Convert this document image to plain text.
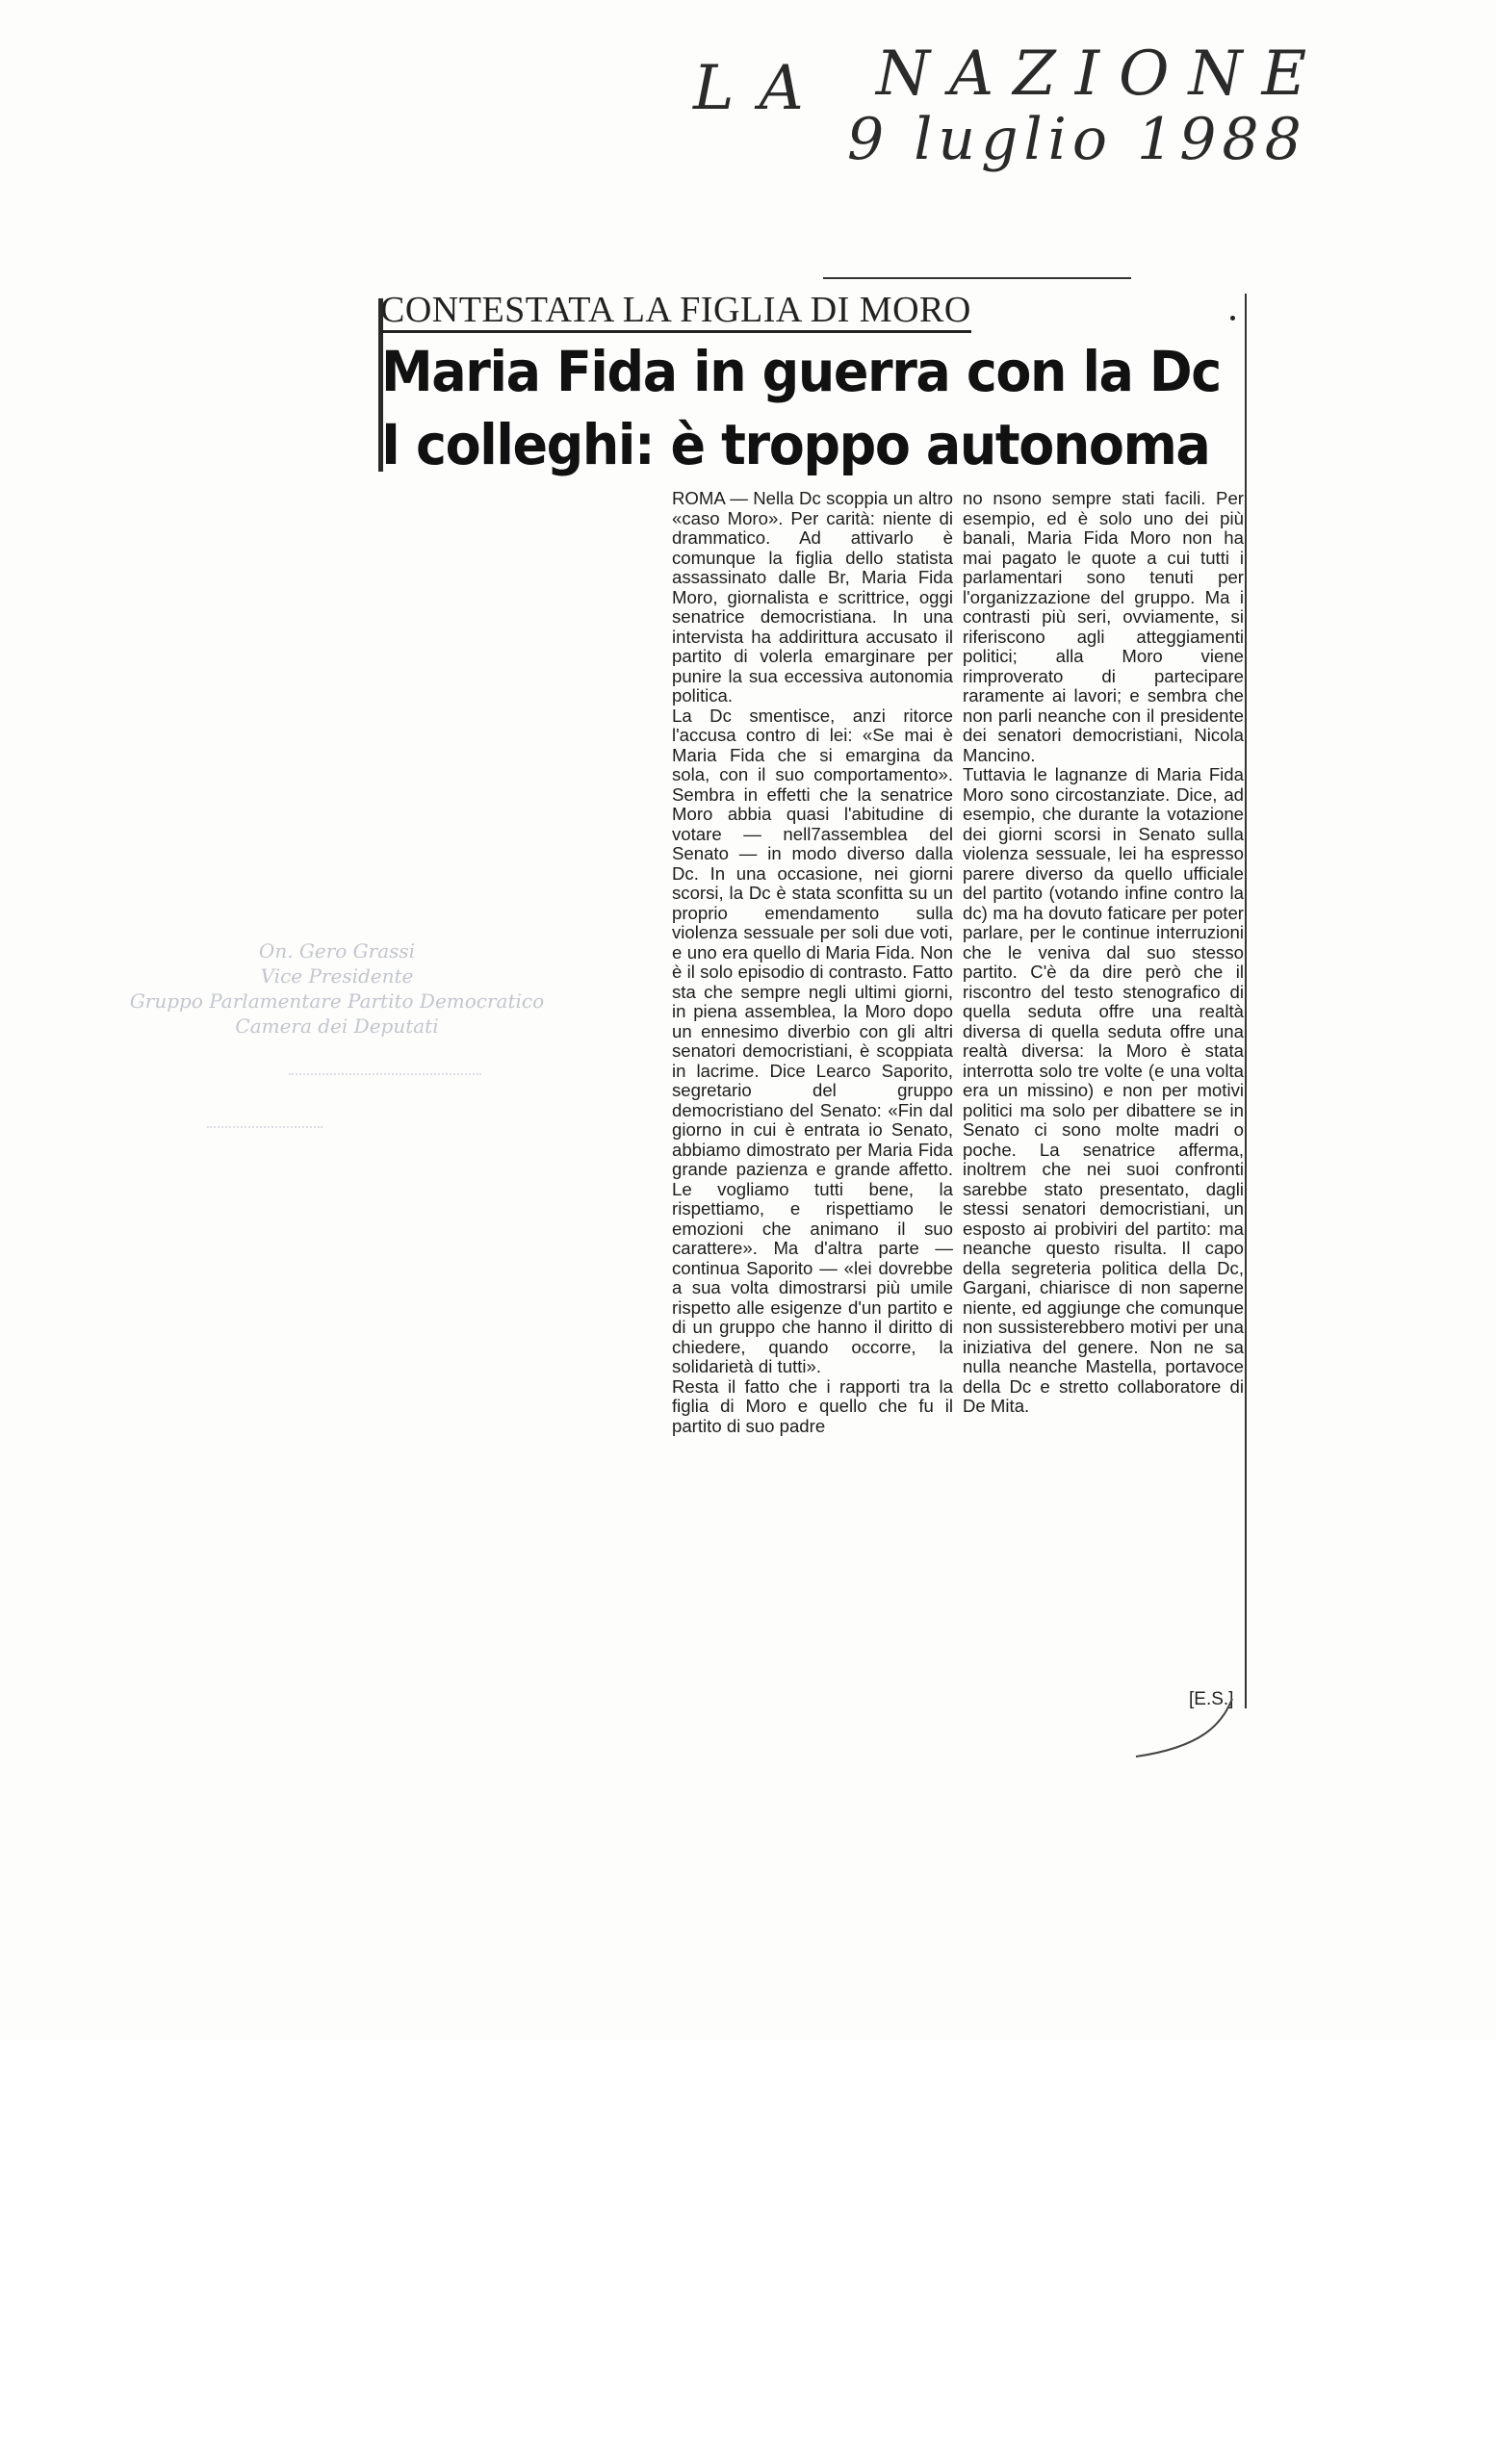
LA NAZIONE
9 luglio 1988
CONTESTATA LA FIGLIA DI MORO
Maria Fida in guerra con la Dc
I colleghi: è troppo autonoma

ROMA — Nella Dc scoppia un altro «caso Moro». Per carità: niente di drammatico. Ad attivarlo è comunque la figlia dello statista assassinato dalle Br, Maria Fida Moro, giornalista e scrittrice, oggi senatrice democristiana. In una intervista ha addirittura accusato il partito di volerla emarginare per punire la sua eccessiva autonomia politica.

La Dc smentisce, anzi ritorce l'accusa contro di lei: «Se mai è Maria Fida che si emargina da sola, con il suo comportamento». Sembra in effetti che la senatrice Moro abbia quasi l'abitudine di votare — nell7assemblea del Senato — in modo diverso dalla Dc. In una occasione, nei giorni scorsi, la Dc è stata sconfitta su un proprio emendamento sulla violenza sessuale per soli due voti, e uno era quello di Maria Fida. Non è il solo episodio di contrasto. Fatto sta che sempre negli ultimi giorni, in piena assemblea, la Moro dopo un ennesimo diverbio con gli altri senatori democristiani, è scoppiata in lacrime. Dice Learco Saporito, segretario del gruppo democristiano del Senato: «Fin dal giorno in cui è entrata io Senato, abbiamo dimostrato per Maria Fida grande pazienza e grande affetto. Le vogliamo tutti bene, la rispettiamo, e rispettiamo le emozioni che animano il suo carattere». Ma d'altra parte — continua Saporito — «lei dovrebbe a sua volta dimostrarsi più umile rispetto alle esigenze d'un partito e di un gruppo che hanno il diritto di chiedere, quando occorre, la solidarietà di tutti».

Resta il fatto che i rapporti tra la figlia di Moro e quello che fu il partito di suo padre

no nsono sempre stati facili. Per esempio, ed è solo uno dei più banali, Maria Fida Moro non ha mai pagato le quote a cui tutti i parlamentari sono tenuti per l'organizzazione del gruppo. Ma i contrasti più seri, ovviamente, si riferiscono agli atteggiamenti politici; alla Moro viene rimproverato di partecipare raramente ai lavori; e sembra che non parli neanche con il presidente dei senatori democristiani, Nicola Mancino.

Tuttavia le lagnanze di Maria Fida Moro sono circostanziate. Dice, ad esempio, che durante la votazione dei giorni scorsi in Senato sulla violenza sessuale, lei ha espresso parere diverso da quello ufficiale del partito (votando infine contro la dc) ma ha dovuto faticare per poter parlare, per le continue interruzioni che le veniva dal suo stesso partito. C'è da dire però che il riscontro del testo stenografico di quella seduta offre una realtà diversa di quella seduta offre una realtà diversa: la Moro è stata interrotta solo tre volte (e una volta era un missino) e non per motivi politici ma solo per dibattere se in Senato ci sono molte madri o poche. La senatrice afferma, inoltrem che nei suoi confronti sarebbe stato presentato, dagli stessi senatori democristiani, un esposto ai probiviri del partito: ma neanche questo risulta. Il capo della segreteria politica della Dc, Gargani, chiarisce di non saperne niente, ed aggiunge che comunque non sussisterebbero motivi per una iniziativa del genere. Non ne sa nulla neanche Mastella, portavoce della Dc e stretto collaboratore di De Mita.

[E.S.]
On. Gero Grassi
Vice Presidente
Gruppo Parlamentare Partito Democratico
Camera dei Deputati
